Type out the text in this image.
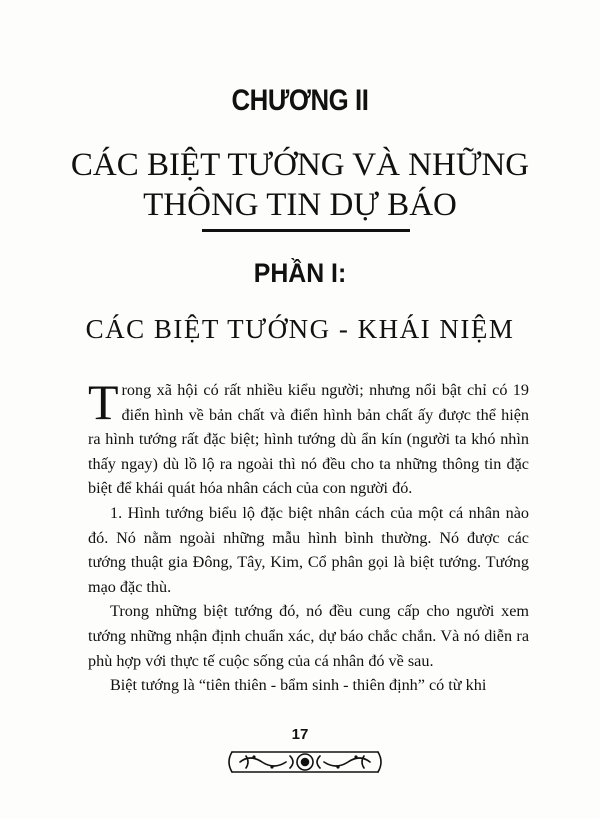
CHƯƠNG II
CÁC BIỆT TƯỚNG VÀ NHỮNG
THÔNG TIN DỰ BÁO
PHẦN I:
CÁC BIỆT TƯỚNG - KHÁI NIỆM

Trong xã hội có rất nhiều kiểu người; nhưng nổi bật chỉ có 19 điển hình về bản chất và điển hình bản chất ấy được thể hiện ra hình tướng rất đặc biệt; hình tướng dù ẩn kín (người ta khó nhìn thấy ngay) dù lồ lộ ra ngoài thì nó đều cho ta những thông tin đặc biệt để khái quát hóa nhân cách của con người đó.

1. Hình tướng biểu lộ đặc biệt nhân cách của một cá nhân nào đó. Nó nằm ngoài những mẫu hình bình thường. Nó được các tướng thuật gia Đông, Tây, Kim, Cổ phân gọi là biệt tướng. Tướng mạo đặc thù.

Trong những biệt tướng đó, nó đều cung cấp cho người xem tướng những nhận định chuẩn xác, dự báo chắc chắn. Và nó diễn ra phù hợp với thực tế cuộc sống của cá nhân đó về sau.

Biệt tướng là “tiên thiên - bẩm sinh - thiên định” có từ khi

17
